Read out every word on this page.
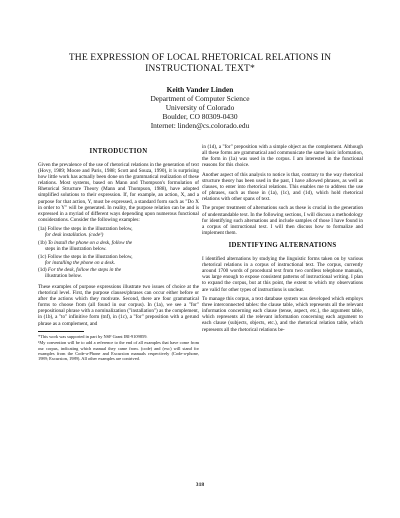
THE EXPRESSION OF LOCAL RHETORICAL RELATIONS IN INSTRUCTIONAL TEXT*
Keith Vander Linden
Department of Computer Science
University of Colorado
Boulder, CO 80309-0430
Internet: linden@cs.colorado.edu
INTRODUCTION

Given the prevalence of the use of rhetorical relations in the generation of text (Hovy, 1989; Moore and Paris, 1988; Scott and Souza, 1990), it is surprising how little work has actually been done on the grammatical realization of these relations. Most systems, based on Mann and Thompson's formulation of Rhetorical Structure Theory (Mann and Thompson, 1988), have adopted simplified solutions to their expression. If, for example, an action, X, and a purpose for that action, Y, must be expressed, a standard form such as "Do X in order to Y" will be generated. In reality, the purpose relation can be and is expressed in a myriad of different ways depending upon numerous functional considerations. Consider the following examples:

(1a) Follow the steps in the illustration below,
for desk installation. (code¹)
(1b) To install the phone on a desk, follow the
steps in the illustration below.
(1c) Follow the steps in the illustration below,
for installing the phone on a desk.
(1d) For the desk, follow the steps in the
illustration below.

These examples of purpose expressions illustrate two issues of choice at the rhetorical level. First, the purpose clauses/phrases can occur either before or after the actions which they motivate. Second, there are four grammatical forms to choose from (all found in our corpus). In (1a), we see a "for" prepositional phrase with a nominalization ("installation") as the complement, in (1b), a "to" infinitive form (tnf), in (1c), a "for" preposition with a gerund phrase as a complement, and

*This work was supported in part by NSF Grant IRI-9109859.
¹My convention will be to add a reference to the end of all examples that have come from our corpus, indicating which manual they came from. (code) and (exc) will stand for examples from the Code-a-Phone and Excursion manuals respectively (Code-a-phone, 1989; Excursion, 1989). All other examples are contrived.

in (1d), a "for" preposition with a simple object as the complement. Although all these forms are grammatical and communicate the same basic information, the form in (1a) was used in the corpus. I am interested in the functional reasons for this choice.

Another aspect of this analysis to notice is that, contrary to the way rhetorical structure theory has been used in the past, I have allowed phrases, as well as clauses, to enter into rhetorical relations. This enables me to address the use of phrases, such as those in (1a), (1c), and (1d), which hold rhetorical relations with other spans of text.

The proper treatment of alternations such as these is crucial in the generation of understandable text. In the following sections, I will discuss a methodology for identifying such alternations and include samples of those I have found in a corpus of instructional text. I will then discuss how to formalize and implement them.

IDENTIFYING ALTERNATIONS

I identified alternations by studying the linguistic forms taken on by various rhetorical relations in a corpus of instructional text. The corpus, currently around 1700 words of procedural text from two cordless telephone manuals, was large enough to expose consistent patterns of instructional writing. I plan to expand the corpus, but at this point, the extent to which my observations are valid for other types of instructions is unclear.

To manage this corpus, a text database system was developed which employs three interconnected tables: the clause table, which represents all the relevant information concerning each clause (tense, aspect, etc.), the argument table, which represents all the relevant information concerning each argument to each clause (subjects, objects, etc.), and the rhetorical relation table, which represents all the rhetorical relations be-

318
